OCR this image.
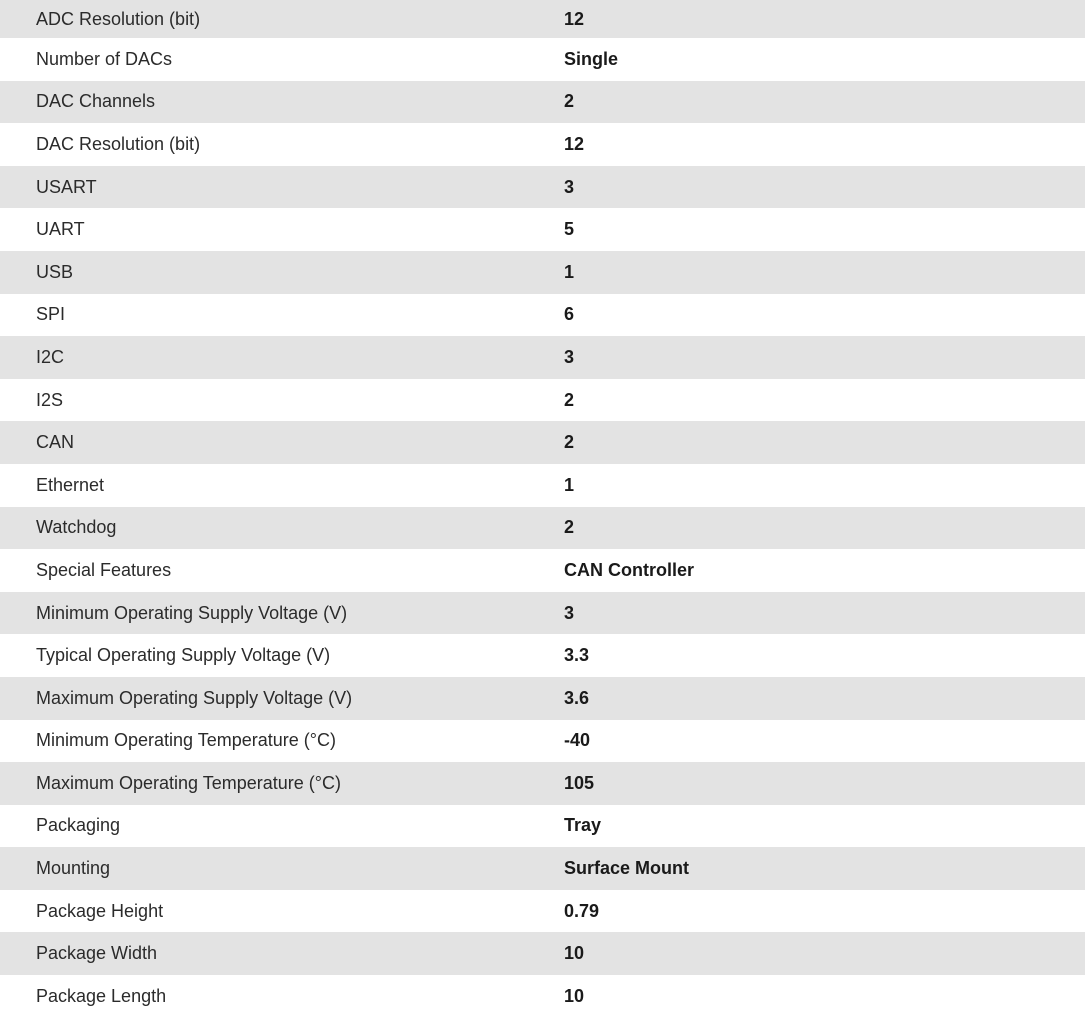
ADC Resolution (bit)	12
Number of DACs	Single
DAC Channels	2
DAC Resolution (bit)	12
USART	3
UART	5
USB	1
SPI	6
I2C	3
I2S	2
CAN	2
Ethernet	1
Watchdog	2
Special Features	CAN Controller
Minimum Operating Supply Voltage (V)	3
Typical Operating Supply Voltage (V)	3.3
Maximum Operating Supply Voltage (V)	3.6
Minimum Operating Temperature (°C)	-40
Maximum Operating Temperature (°C)	105
Packaging	Tray
Mounting	Surface Mount
Package Height	0.79
Package Width	10
Package Length	10
